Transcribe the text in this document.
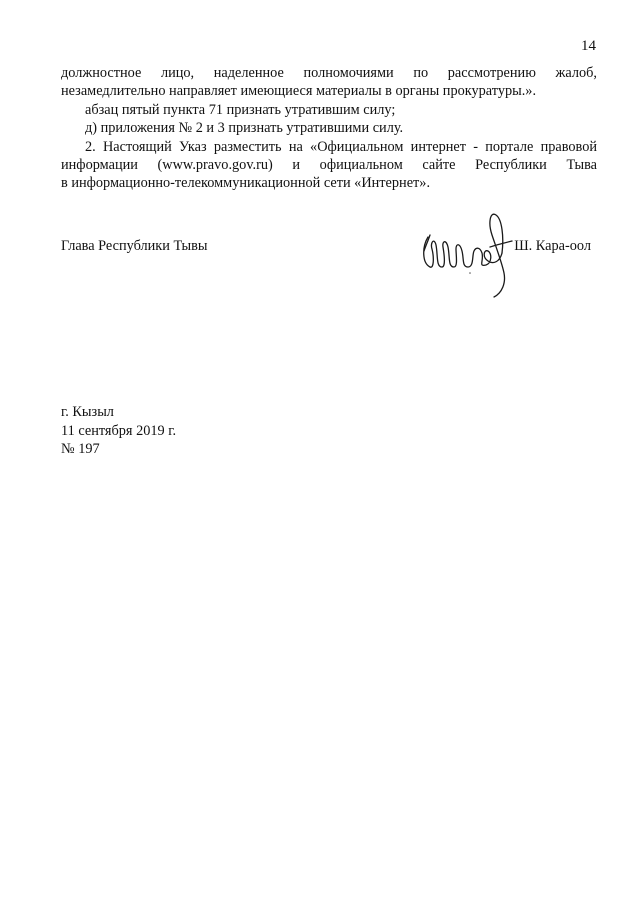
14

должностное лицо, наделенное полномочиями по рассмотрению жалоб,

незамедлительно направляет имеющиеся материалы в органы прокуратуры.».

абзац пятый пункта 71 признать утратившим силу;

д) приложения № 2 и 3 признать утратившими силу.

2. Настоящий Указ разместить на «Официальном интернет - портале правовой

информации (www.pravo.gov.ru) и официальном сайте Республики Тыва

в информационно-телекоммуникационной сети «Интернет».

Глава Республики Тывы	Ш. Кара-оол
г. Кызыл
11 сентября 2019 г.
№ 197
